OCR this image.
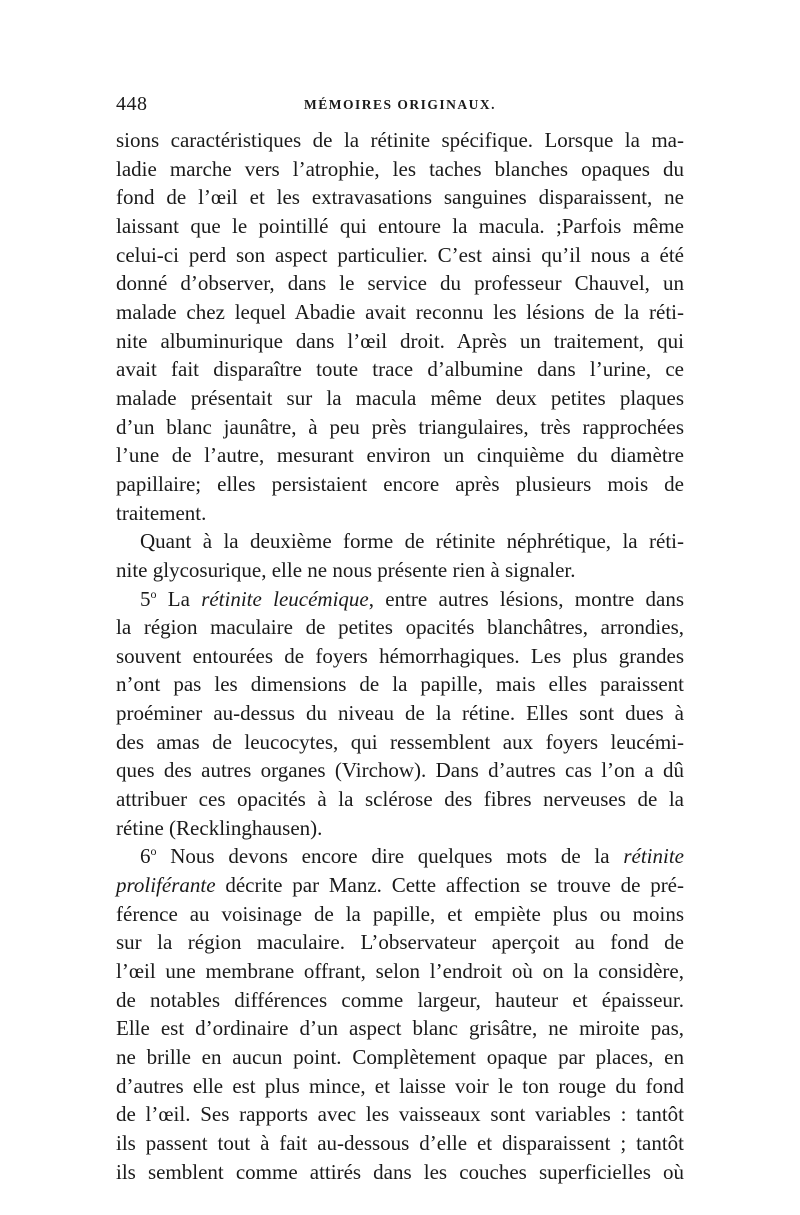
448	MÉMOIRES ORIGINAUX.
sions caractéristiques de la rétinite spécifique. Lorsque la ma-
ladie marche vers l’atrophie, les taches blanches opaques du
fond de l’œil et les extravasations sanguines disparaissent, ne
laissant que le pointillé qui entoure la macula. ;Parfois même
celui-ci perd son aspect particulier. C’est ainsi qu’il nous a été
donné d’observer, dans le service du professeur Chauvel, un
malade chez lequel Abadie avait reconnu les lésions de la réti-
nite albuminurique dans l’œil droit. Après un traitement, qui
avait fait disparaître toute trace d’albumine dans l’urine, ce
malade présentait sur la macula même deux petites plaques
d’un blanc jaunâtre, à peu près triangulaires, très rapprochées
l’une de l’autre, mesurant environ un cinquième du diamètre
papillaire; elles persistaient encore après plusieurs mois de
traitement.
Quant à la deuxième forme de rétinite néphrétique, la réti-
nite glycosurique, elle ne nous présente rien à signaler.
5$^o$ La rétinite leucémique, entre autres lésions, montre dans
la région maculaire de petites opacités blanchâtres, arrondies,
souvent entourées de foyers hémorrhagiques. Les plus grandes
n’ont pas les dimensions de la papille, mais elles paraissent
proéminer au-dessus du niveau de la rétine. Elles sont dues à
des amas de leucocytes, qui ressemblent aux foyers leucémi-
ques des autres organes (Virchow). Dans d’autres cas l’on a dû
attribuer ces opacités à la sclérose des fibres nerveuses de la
rétine (Recklinghausen).
6$^o$ Nous devons encore dire quelques mots de la rétinite
proliférante décrite par Manz. Cette affection se trouve de pré-
férence au voisinage de la papille, et empiète plus ou moins
sur la région maculaire. L’observateur aperçoit au fond de
l’œil une membrane offrant, selon l’endroit où on la considère,
de notables différences comme largeur, hauteur et épaisseur.
Elle est d’ordinaire d’un aspect blanc grisâtre, ne miroite pas,
ne brille en aucun point. Complètement opaque par places, en
d’autres elle est plus mince, et laisse voir le ton rouge du fond
de l’œil. Ses rapports avec les vaisseaux sont variables : tantôt
ils passent tout à fait au-dessous d’elle et disparaissent ; tantôt
ils semblent comme attirés dans les couches superficielles où
